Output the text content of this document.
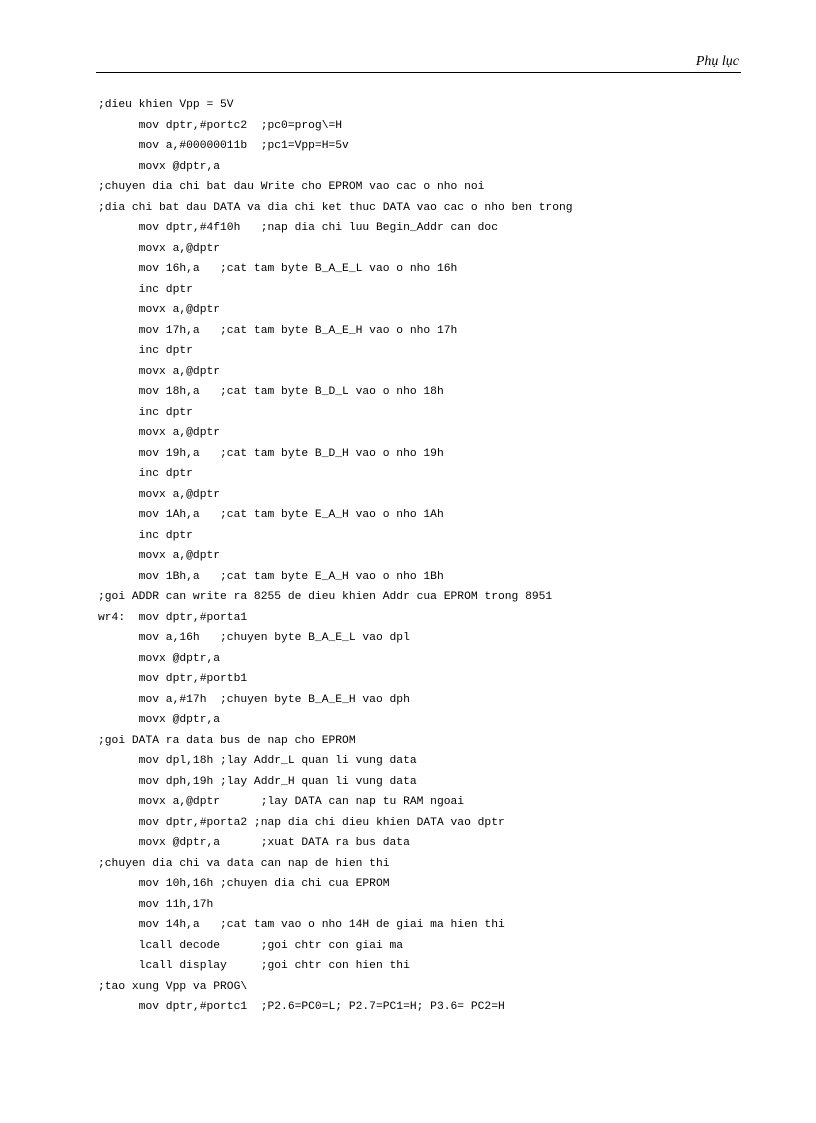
Phụ lục
;dieu khien Vpp = 5V
mov dptr,#portc2  ;pc0=prog\=H
mov a,#00000011b  ;pc1=Vpp=H=5v
movx @dptr,a
;chuyen dia chi bat dau Write cho EPROM vao cac o nho noi
;dia chi bat dau DATA va dia chi ket thuc DATA vao cac o nho ben trong
mov dptr,#4f10h   ;nap dia chi luu Begin_Addr can doc
movx a,@dptr
mov 16h,a   ;cat tam byte B_A_E_L vao o nho 16h
inc dptr
movx a,@dptr
mov 17h,a   ;cat tam byte B_A_E_H vao o nho 17h
inc dptr
movx a,@dptr
mov 18h,a   ;cat tam byte B_D_L vao o nho 18h
inc dptr
movx a,@dptr
mov 19h,a   ;cat tam byte B_D_H vao o nho 19h
inc dptr
movx a,@dptr
mov 1Ah,a   ;cat tam byte E_A_H vao o nho 1Ah
inc dptr
movx a,@dptr
mov 1Bh,a   ;cat tam byte E_A_H vao o nho 1Bh
;goi ADDR can write ra 8255 de dieu khien Addr cua EPROM trong 8951
wr4:  mov dptr,#porta1
mov a,16h   ;chuyen byte B_A_E_L vao dpl
movx @dptr,a
mov dptr,#portb1
mov a,#17h  ;chuyen byte B_A_E_H vao dph
movx @dptr,a
;goi DATA ra data bus de nap cho EPROM
mov dpl,18h ;lay Addr_L quan li vung data
mov dph,19h ;lay Addr_H quan li vung data
movx a,@dptr      ;lay DATA can nap tu RAM ngoai
mov dptr,#porta2 ;nap dia chi dieu khien DATA vao dptr
movx @dptr,a      ;xuat DATA ra bus data
;chuyen dia chi va data can nap de hien thi
mov 10h,16h ;chuyen dia chi cua EPROM
mov 11h,17h
mov 14h,a   ;cat tam vao o nho 14H de giai ma hien thi
lcall decode      ;goi chtr con giai ma
lcall display     ;goi chtr con hien thi
;tao xung Vpp va PROG\
mov dptr,#portc1  ;P2.6=PC0=L; P2.7=PC1=H; P3.6= PC2=H
